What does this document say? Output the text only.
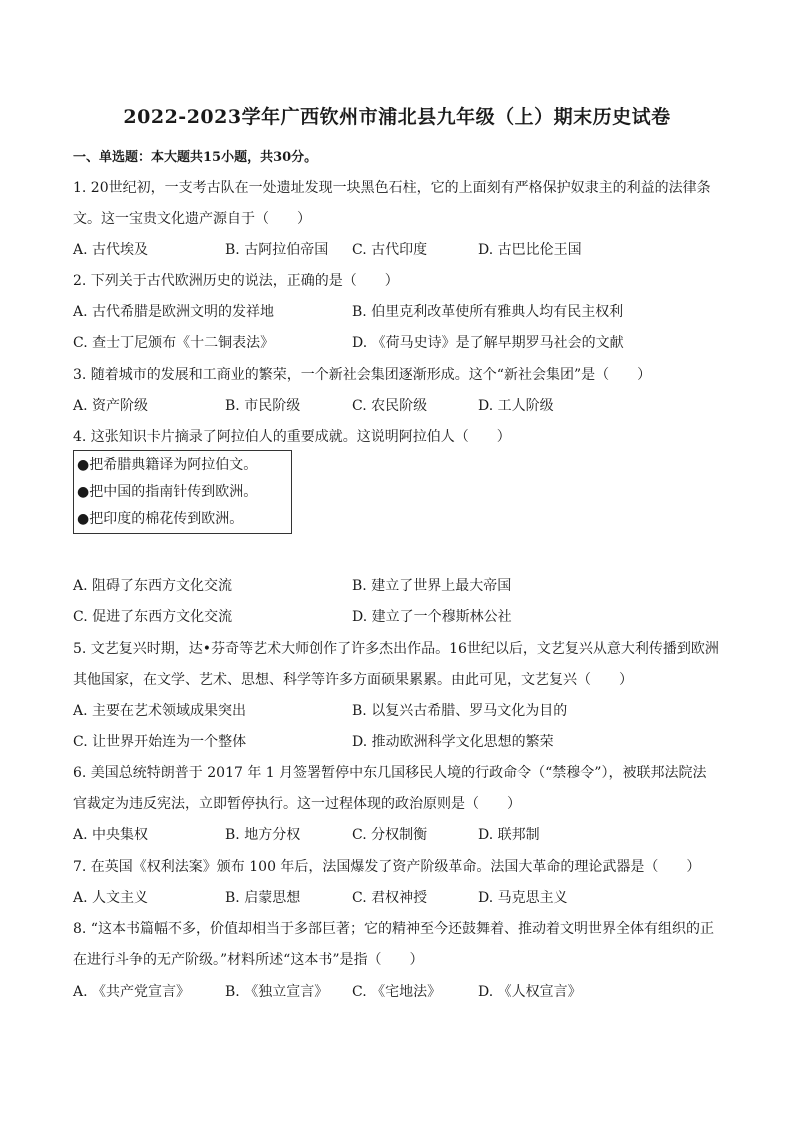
2022-2023学年广西钦州市浦北县九年级（上）期末历史试卷
一、单选题：本大题共15小题，共30分。
1. 20世纪初，一支考古队在一处遗址发现一块黑色石柱，它的上面刻有严格保护奴隶主的利益的法律条
文。这一宝贵文化遗产源自于（　　）
A. 古代埃及	B. 古阿拉伯帝国 C. 古代印度	D. 古巴比伦王国
2. 下列关于古代欧洲历史的说法，正确的是（　　）
A. 古代希腊是欧洲文明的发祥地	B. 伯里克利改革使所有雅典人均有民主权利
C. 查士丁尼颁布《十二铜表法》	D. 《荷马史诗》是了解早期罗马社会的文献
3. 随着城市的发展和工商业的繁荣，一个新社会集团逐渐形成。这个“新社会集团”是（　　）
A. 资产阶级	B. 市民阶级	C. 农民阶级	D. 工人阶级
4. 这张知识卡片摘录了阿拉伯人的重要成就。这说明阿拉伯人（　　）
●把希腊典籍译为阿拉伯文。
●把中国的指南针传到欧洲。
●把印度的棉花传到欧洲。
A. 阻碍了东西方文化交流	B. 建立了世界上最大帝国
C. 促进了东西方文化交流	D. 建立了一个穆斯林公社
5. 文艺复兴时期，达•芬奇等艺术大师创作了许多杰出作品。16世纪以后，文艺复兴从意大利传播到欧洲
其他国家，在文学、艺术、思想、科学等许多方面硕果累累。由此可见，文艺复兴（　　）
A. 主要在艺术领域成果突出	B. 以复兴古希腊、罗马文化为目的
C. 让世界开始连为一个整体	D. 推动欧洲科学文化思想的繁荣
6. 美国总统特朗普于 2017 年 1 月签署暂停中东几国移民人境的行政命令（“禁穆令”），被联邦法院法
官裁定为违反宪法，立即暂停执行。这一过程体现的政治原则是（　　）
A. 中央集权	B. 地方分权	C. 分权制衡	D. 联邦制
7. 在英国《权利法案》颁布 100 年后，法国爆发了资产阶级革命。法国大革命的理论武器是（　　）
A. 人文主义	B. 启蒙思想	C. 君权神授	D. 马克思主义
8. “这本书篇幅不多，价值却相当于多部巨著；它的精神至今还鼓舞着、推动着文明世界全体有组织的正
在进行斗争的无产阶级。”材料所述“这本书”是指（　　）
A. 《共产党宣言》 B. 《独立宣言》 C. 《宅地法》	D. 《人权宣言》
